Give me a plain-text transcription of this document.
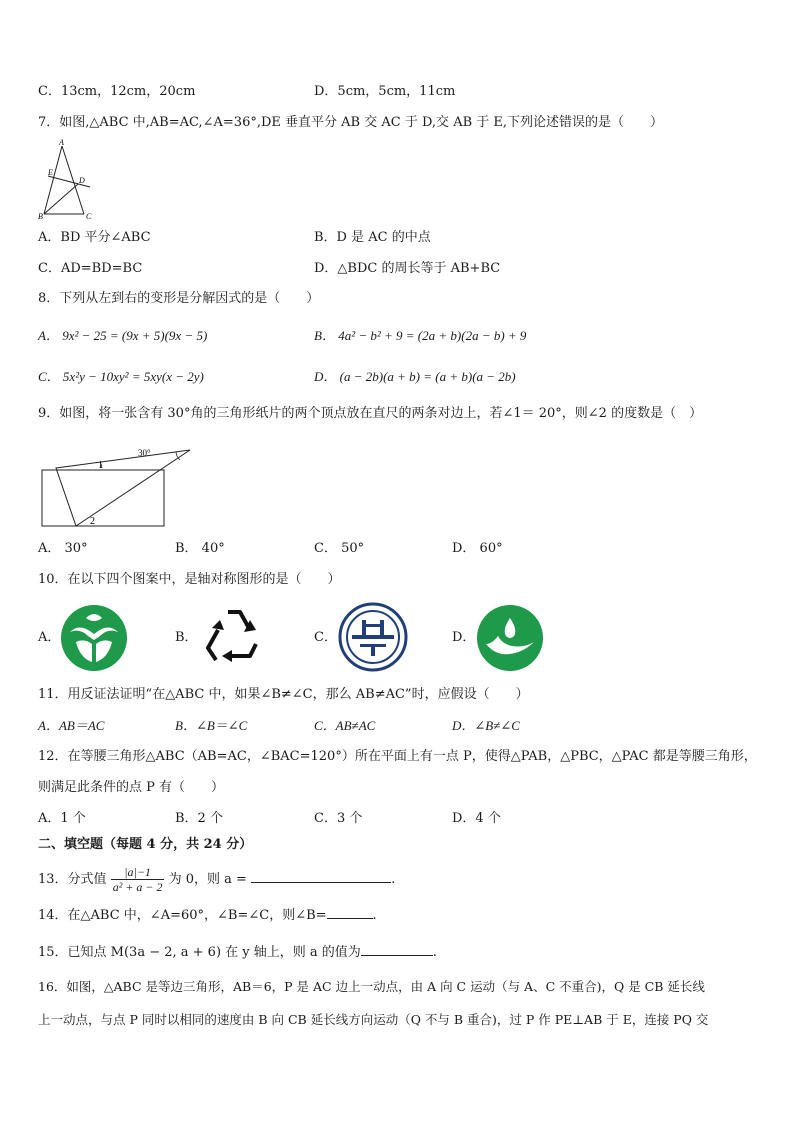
C．13cm，12cm，20cm	D．5cm，5cm，11cm
7．如图,△ABC 中,AB=AC,∠A=36°,DE 垂直平分 AB 交 AC 于 D,交 AB 于 E,下列论述错误的是（　　）
A
E
D
B	C
A．BD 平分∠ABC	B．D 是 AC 的中点
C．AD=BD=BC	D．△BDC 的周长等于 AB+BC
8．下列从左到右的变形是分解因式的是（　　）
A． 9x² − 25 = (9x + 5)(9x − 5)	B． 4a² − b² + 9 = (2a + b)(2a − b) + 9
C． 5x²y − 10xy² = 5xy(x − 2y)	D． (a − 2b)(a + b) = (a + b)(a − 2b)
9．如图，将一张含有 30°角的三角形纸片的两个顶点放在直尺的两条对边上，若∠1＝ 20°，则∠2 的度数是（　）
1
30°
2
A． 30°	B． 40°	C． 50°	D． 60°
10．在以下四个图案中，是轴对称图形的是（　　）
A．	B．	C．	D．
11．用反证法证明“在△ABC 中，如果∠B≠∠C，那么 AB≠AC”时，应假设（　　）
A．AB＝AC	B．∠B＝∠C	C．AB≠AC	D．∠B≠∠C
12．在等腰三角形△ABC（AB=AC，∠BAC=120°）所在平面上有一点 P，使得△PAB，△PBC，△PAC 都是等腰三角形，
则满足此条件的点 P 有（　　）
A．1 个	B．2 个	C．3 个	D．4 个
二、填空题（每题 4 分，共 24 分）
13．分式值 $\frac{|a|-1}{\text{a² + a − 2}}$ 为 0，则 a =	.
14．在△ABC 中，∠A=60°，∠B=∠C，则∠B=	.
15．已知点 M(3a − 2, a + 6) 在 y 轴上，则 a 的值为	.
16．如图，△ABC 是等边三角形，AB＝6，P 是 AC 边上一动点，由 A 向 C 运动（与 A、C 不重合)，Q 是 CB 延长线
上一动点，与点 P 同时以相同的速度由 B 向 CB 延长线方向运动（Q 不与 B 重合)，过 P 作 PE⊥AB 于 E，连接 PQ 交
